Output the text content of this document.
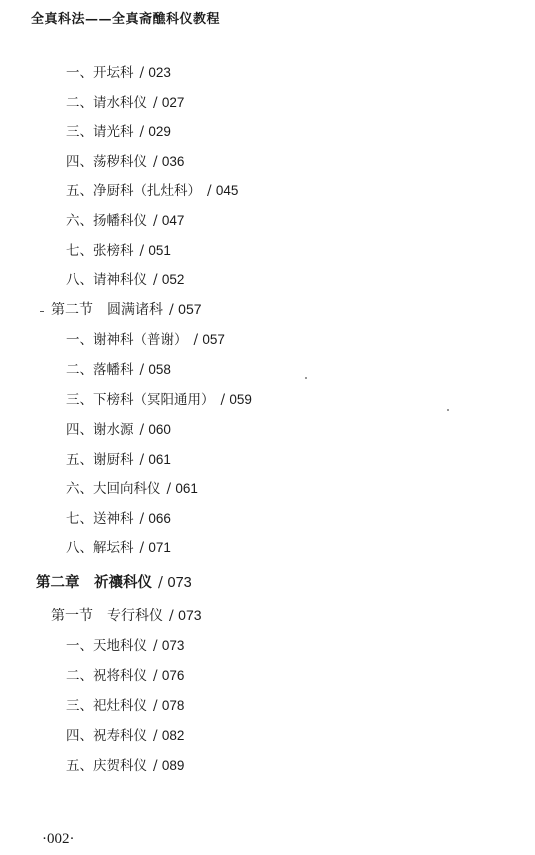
全真科法——全真斋醮科仪教程
一、开坛科 / 023
二、请水科仪 / 027
三、请光科 / 029
四、荡秽科仪 / 036
五、净厨科（扎灶科） / 045
六、扬幡科仪 / 047
七、张榜科 / 051
八、请神科仪 / 052
第二节　圆满诸科 / 057
一、谢神科（普谢） / 057
二、落幡科 / 058
三、下榜科（冥阳通用） / 059
四、谢水源 / 060
五、谢厨科 / 061
六、大回向科仪 / 061
七、送神科 / 066
八、解坛科 / 071
第二章　祈禳科仪 / 073
第一节　专行科仪 / 073
一、天地科仪 / 073
二、祝将科仪 / 076
三、祀灶科仪 / 078
四、祝寿科仪 / 082
五、庆贺科仪 / 089
·002·
